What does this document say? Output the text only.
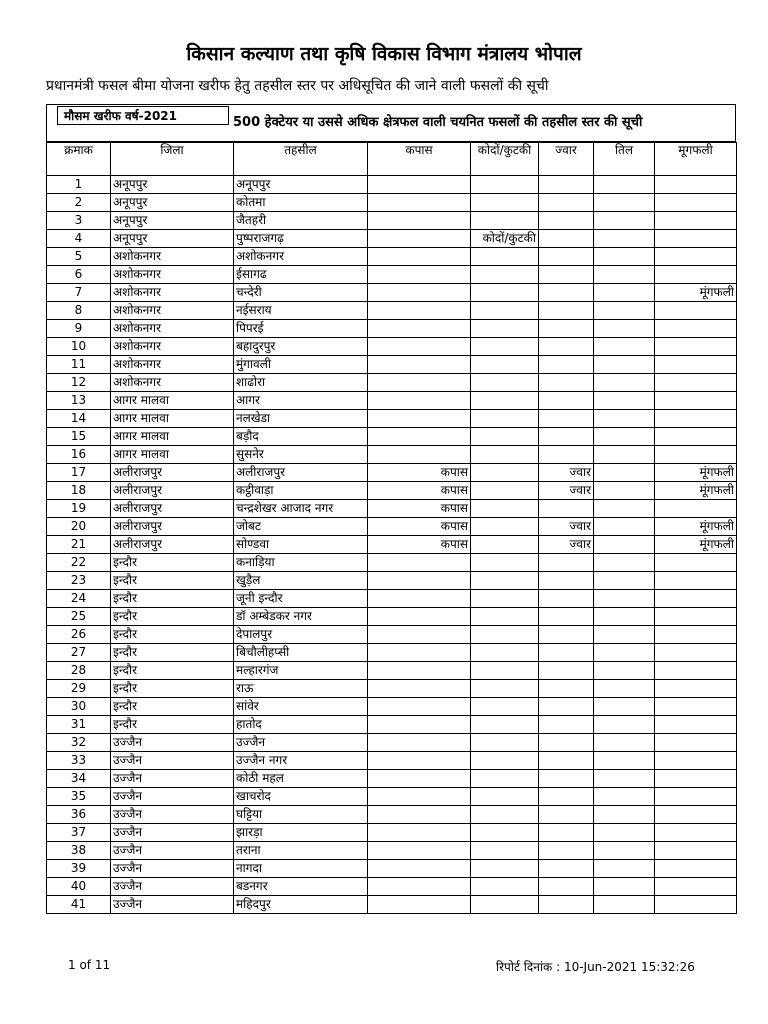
किसान कल्याण तथा कृषि विकास विभाग मंत्रालय भोपाल
प्रधानमंत्री फसल बीमा योजना खरीफ हेतु तहसील स्तर पर अधिसूचित की जाने वाली फसलों की सूची
मौसम खरीफ वर्ष-2021	500 हेक्टेयर या उससे अधिक क्षेत्रफल वाली चयनित फसलों की तहसील स्तर की सूची
क्रमाक	जिला	तहसील	कपास	कोदों/कुटकी	ज्वार	तिल	मूगफली
1	अनूपपुर	अनूपपुर					
2	अनूपपुर	कोतमा					
3	अनूपपुर	जैतहरी					
4	अनूपपुर	पुष्पराजगढ़		कोदों/कुटकी			
5	अशोकनगर	अशोकनगर					
6	अशोकनगर	ईसागढ					
7	अशोकनगर	चन्देरी					मूंगफली
8	अशोकनगर	नईसराय					
9	अशोकनगर	पिपरई					
10	अशोकनगर	बहादुरपुर					
11	अशोकनगर	मुंगावली					
12	अशोकनगर	शाढोरा					
13	आगर मालवा	आगर					
14	आगर मालवा	नलखेडा					
15	आगर मालवा	बड़ौद					
16	आगर मालवा	सुसनेर					
17	अलीराजपुर	अलीराजपुर	कपास		ज्वार		मूंगफली
18	अलीराजपुर	कट्ठीवाड़ा	कपास		ज्वार		मूंगफली
19	अलीराजपुर	चन्द्रशेखर आजाद नगर	कपास				
20	अलीराजपुर	जोबट	कपास		ज्वार		मूंगफली
21	अलीराजपुर	सोण्डवा	कपास		ज्वार		मूंगफली
22	इन्दौर	कनाड़िया					
23	इन्दौर	खुड़ैल					
24	इन्दौर	जूनी इन्दौर					
25	इन्दौर	डॉ अम्बेडकर नगर					
26	इन्दौर	देपालपुर					
27	इन्दौर	बिचौलीहप्सी					
28	इन्दौर	मल्हारगंज					
29	इन्दौर	राऊ					
30	इन्दौर	सांवेर					
31	इन्दौर	हातोद					
32	उज्जैन	उज्जैन					
33	उज्जैन	उज्जैन नगर					
34	उज्जैन	कोठी महल					
35	उज्जैन	खाचरोद					
36	उज्जैन	घट्टिया					
37	उज्जैन	झारड़ा					
38	उज्जैन	तराना					
39	उज्जैन	नागदा					
40	उज्जैन	बडनगर					
41	उज्जैन	महिदपुर					
1 of 11	रिपोर्ट दिनांक : 10-Jun-2021 15:32:26
